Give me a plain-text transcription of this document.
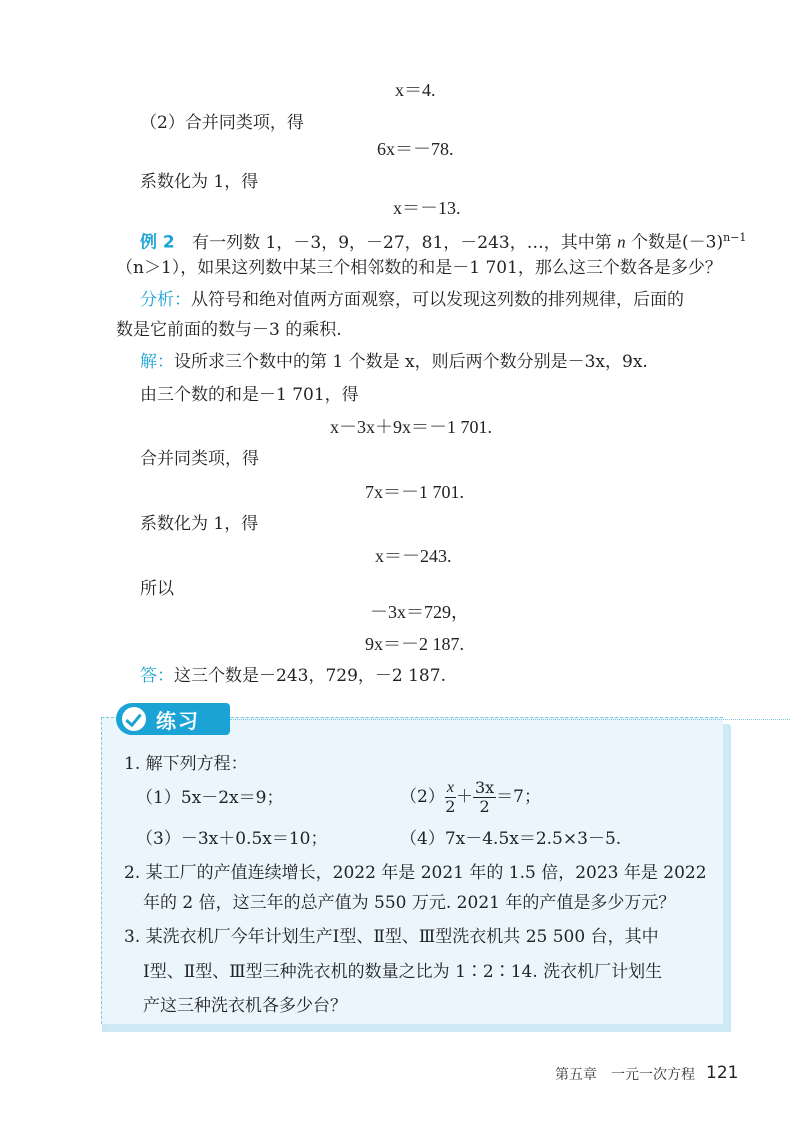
x＝4.
（2）合并同类项，得
6x＝－78.
系数化为 1，得
x＝－13.
例 2 有一列数 1，－3，9，－27，81，－243，…，其中第 n 个数是$(-3)^{n-1}$
（n＞1），如果这列数中某三个相邻数的和是－1 701，那么这三个数各是多少？
分析：从符号和绝对值两方面观察，可以发现这列数的排列规律，后面的
数是它前面的数与－3 的乘积.
解：设所求三个数中的第 1 个数是 x，则后两个数分别是－3x，9x.
由三个数的和是－1 701，得
x－3x＋9x＝－1 701.
合并同类项，得
7x＝－1 701.
系数化为 1，得
x＝－243.
所以
－3x＝729，
9x＝－2 187.
答：这三个数是－243，729，－2 187.
练习
1. 解下列方程：
（1）5x－2x＝9；	$(2) \frac{x}{2} + \frac{3x}{2} =7$；
（3）－3x＋0.5x＝10；	（4）7x－4.5x＝2.5×3－5.
2. 某工厂的产值连续增长，2022 年是 2021 年的 1.5 倍，2023 年是 2022
年的 2 倍，这三年的总产值为 550 万元. 2021 年的产值是多少万元？
3. 某洗衣机厂今年计划生产Ⅰ型、Ⅱ型、Ⅲ型洗衣机共 25 500 台，其中
Ⅰ型、Ⅱ型、Ⅲ型三种洗衣机的数量之比为 1∶2∶14. 洗衣机厂计划生
产这三种洗衣机各多少台？
第五章　一元一次方程 121
